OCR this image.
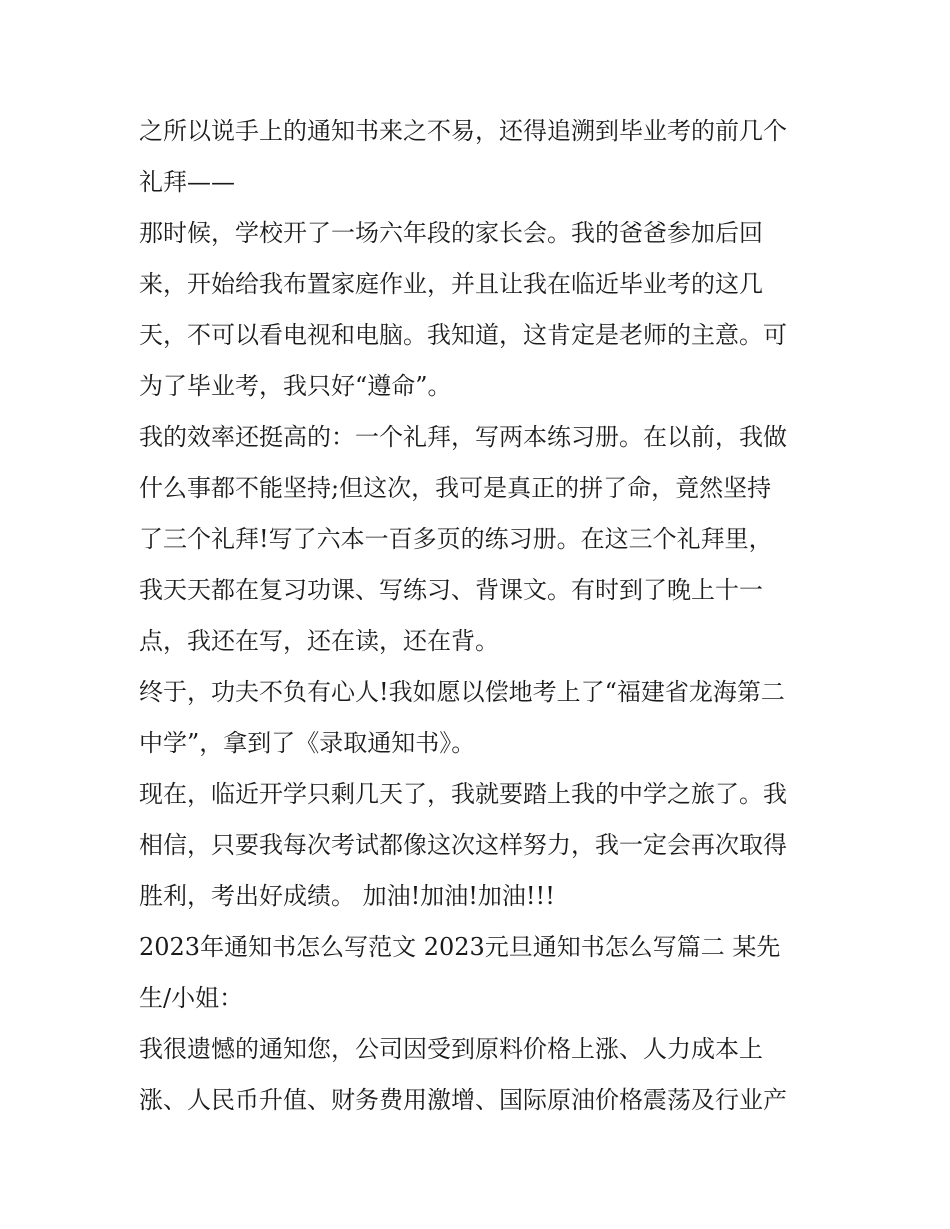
之所以说手上的通知书来之不易，还得追溯到毕业考的前几个
礼拜——
那时候，学校开了一场六年段的家长会。我的爸爸参加后回
来，开始给我布置家庭作业，并且让我在临近毕业考的这几
天，不可以看电视和电脑。我知道，这肯定是老师的主意。可
为了毕业考，我只好“遵命”。
我的效率还挺高的：一个礼拜，写两本练习册。在以前，我做
什么事都不能坚持;但这次，我可是真正的拼了命，竟然坚持
了三个礼拜!写了六本一百多页的练习册。在这三个礼拜里，
我天天都在复习功课、写练习、背课文。有时到了晚上十一
点，我还在写，还在读，还在背。
终于，功夫不负有心人!我如愿以偿地考上了“福建省龙海第二
中学”，拿到了《录取通知书》。
现在，临近开学只剩几天了，我就要踏上我的中学之旅了。我
相信，只要我每次考试都像这次这样努力，我一定会再次取得
胜利，考出好成绩。 加油!加油!加油!!!
2023年通知书怎么写范文 2023元旦通知书怎么写篇二 某先
生/小姐：
我很遗憾的通知您，公司因受到原料价格上涨、人力成本上
涨、人民币升值、财务费用激增、国际原油价格震荡及行业产
